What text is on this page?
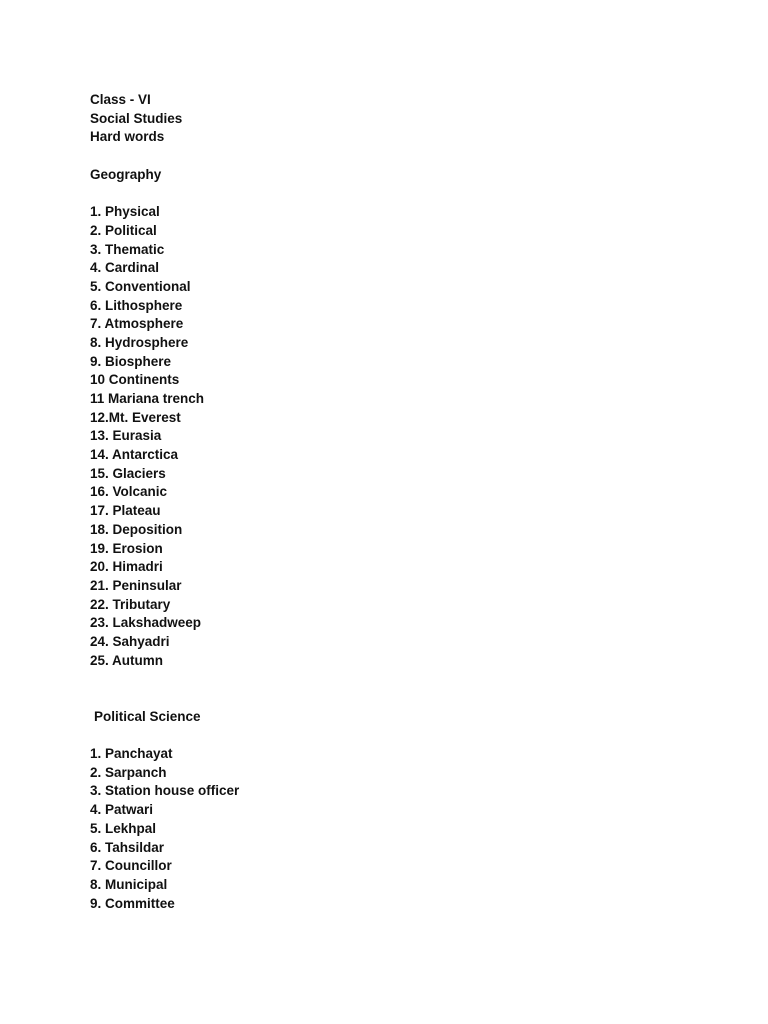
Class - VI
Social Studies
Hard words
Geography
1. Physical
2. Political
3. Thematic
4. Cardinal
5. Conventional
6. Lithosphere
7. Atmosphere
8. Hydrosphere
9. Biosphere
10 Continents
11 Mariana trench
12.Mt. Everest
13. Eurasia
14. Antarctica
15. Glaciers
16. Volcanic
17. Plateau
18. Deposition
19. Erosion
20. Himadri
21. Peninsular
22. Tributary
23. Lakshadweep
24. Sahyadri
25. Autumn
Political Science
1. Panchayat
2. Sarpanch
3. Station house officer
4. Patwari
5. Lekhpal
6. Tahsildar
7. Councillor
8. Municipal
9. Committee
